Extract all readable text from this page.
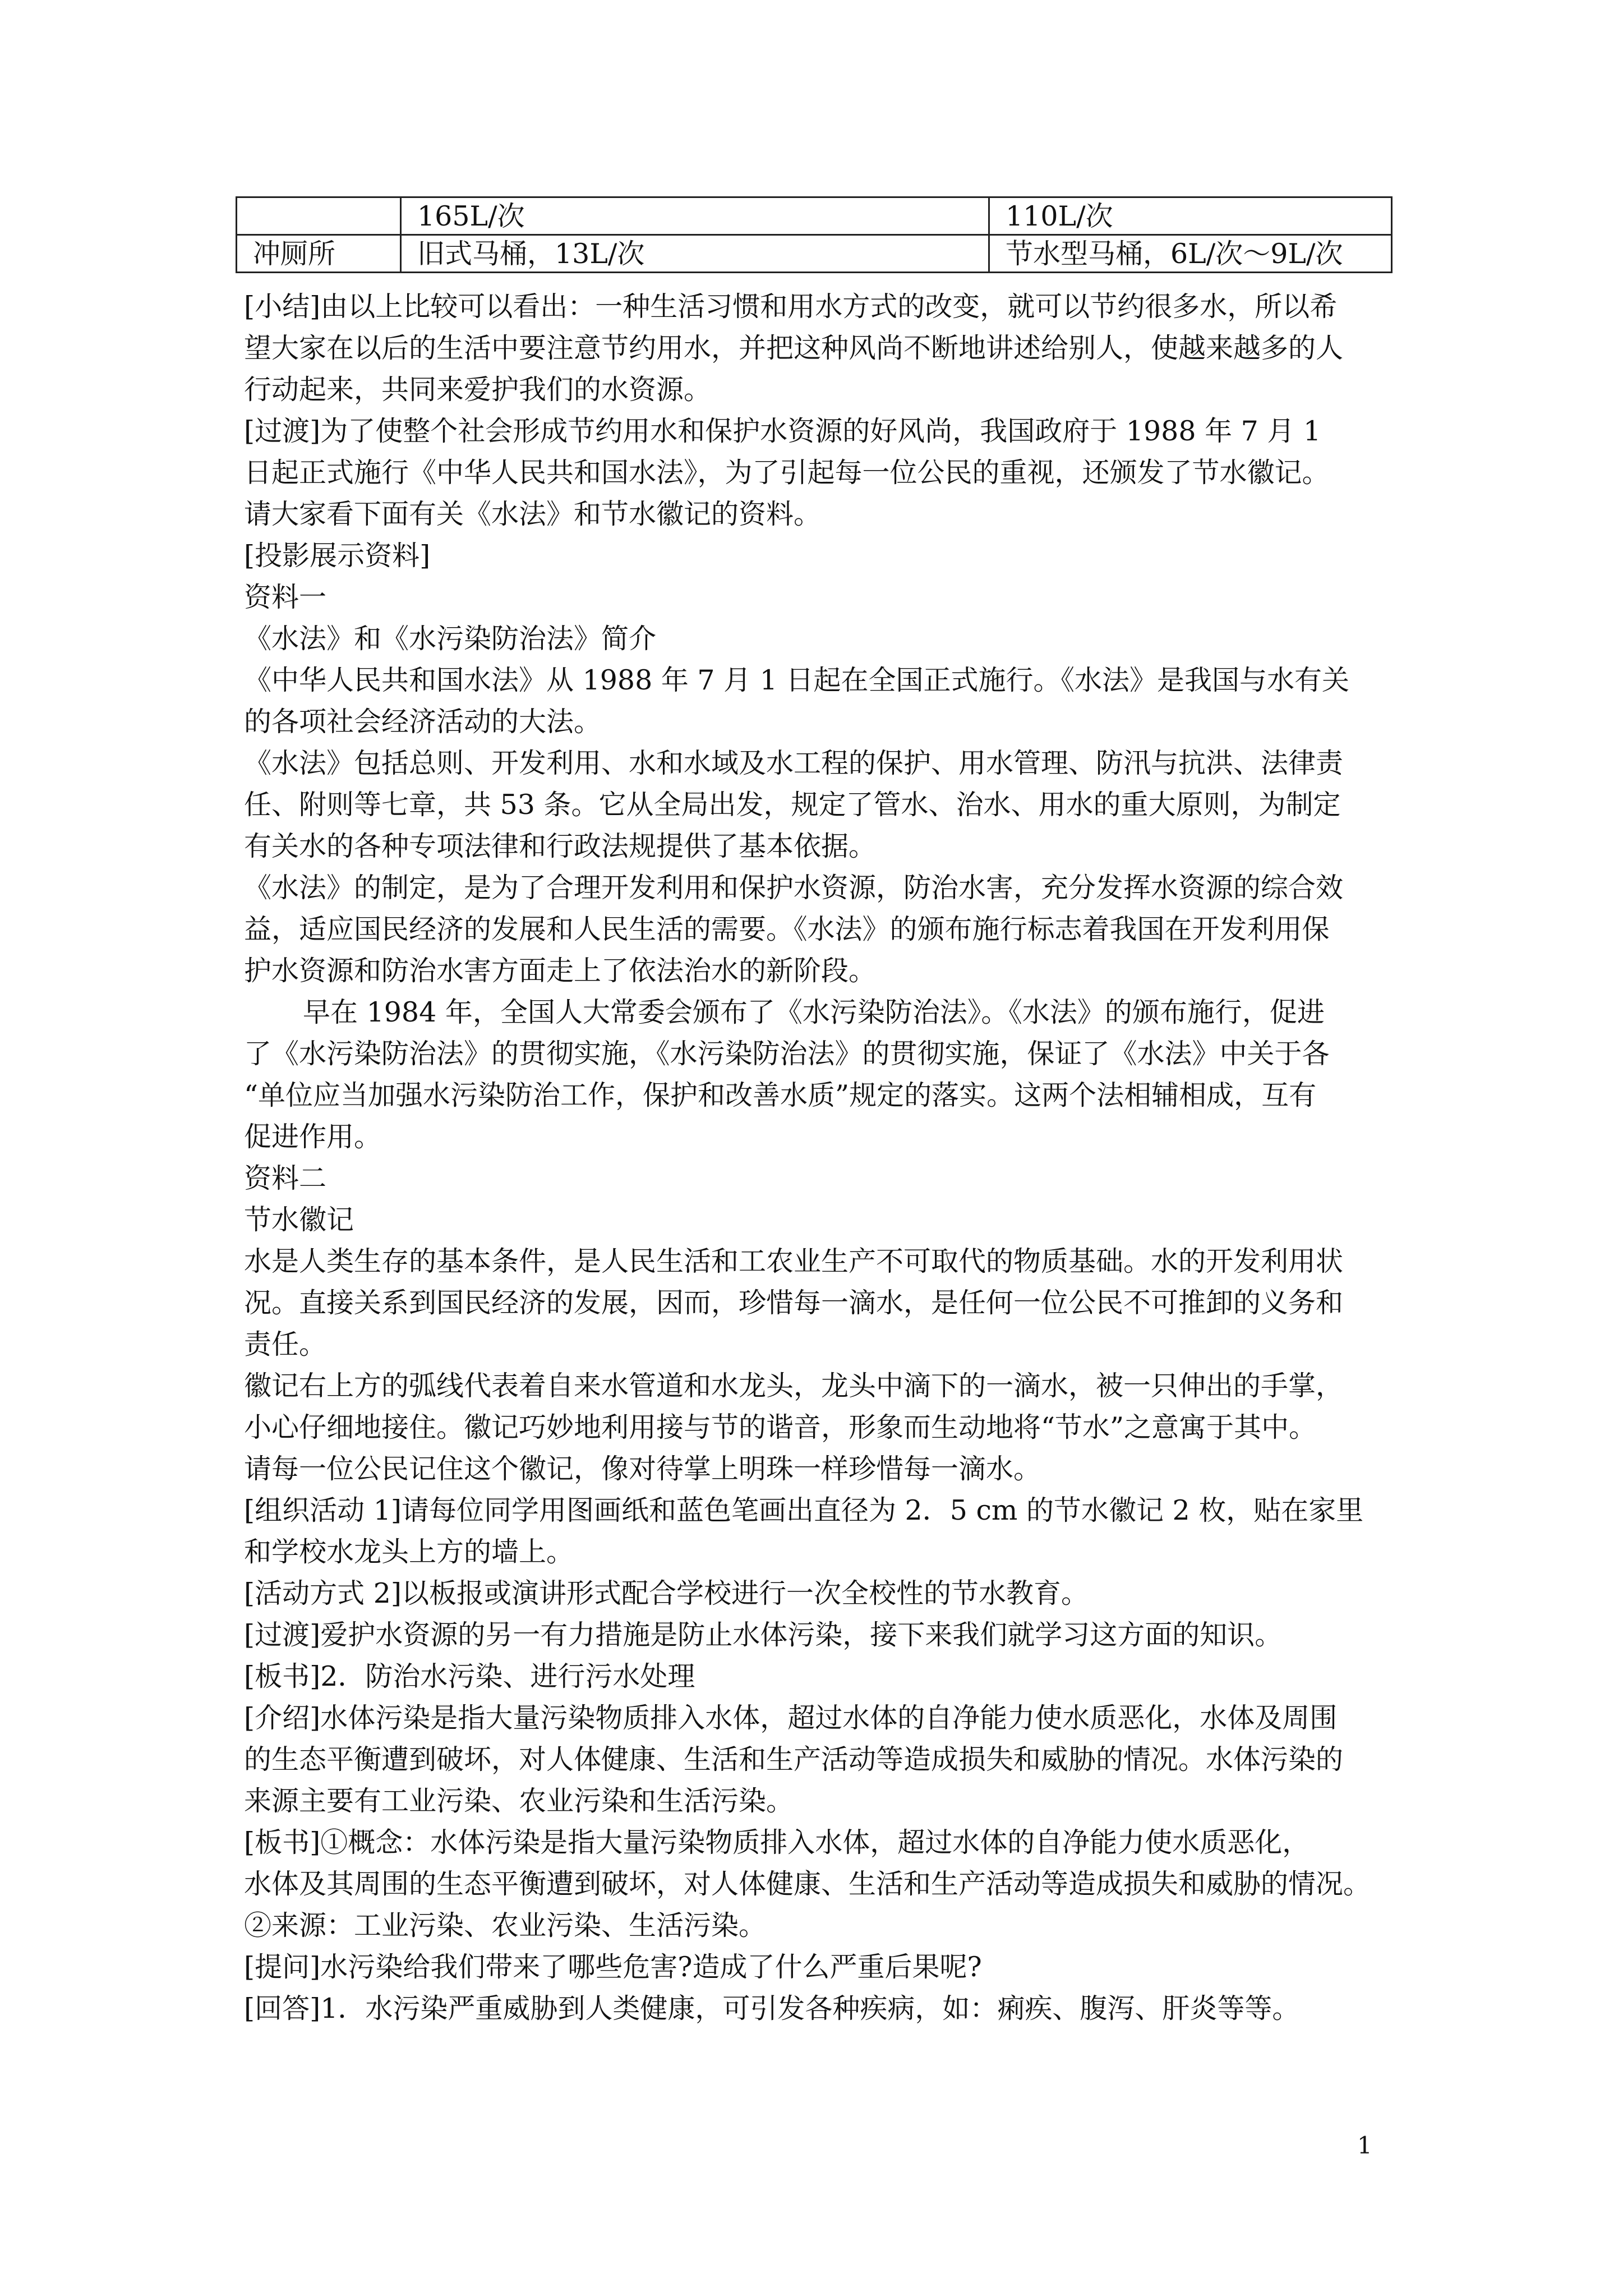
	165L/次	110L/次
冲厕所	旧式马桶，13L/次	节水型马桶，6L/次～9L/次
[小结]由以上比较可以看出：一种生活习惯和用水方式的改变，就可以节约很多水，所以希
望大家在以后的生活中要注意节约用水，并把这种风尚不断地讲述给别人，使越来越多的人
行动起来，共同来爱护我们的水资源。
[过渡]为了使整个社会形成节约用水和保护水资源的好风尚，我国政府于 1988 年 7 月 1
日起正式施行《中华人民共和国水法》，为了引起每一位公民的重视，还颁发了节水徽记。
请大家看下面有关《水法》和节水徽记的资料。
[投影展示资料]
资料一
《水法》和《水污染防治法》简介
《中华人民共和国水法》从 1988 年 7 月 1 日起在全国正式施行。《水法》是我国与水有关
的各项社会经济活动的大法。
《水法》包括总则、开发利用、水和水域及水工程的保护、用水管理、防汛与抗洪、法律责
任、附则等七章，共 53 条。它从全局出发，规定了管水、治水、用水的重大原则，为制定
有关水的各种专项法律和行政法规提供了基本依据。
《水法》的制定，是为了合理开发利用和保护水资源，防治水害，充分发挥水资源的综合效
益，适应国民经济的发展和人民生活的需要。《水法》的颁布施行标志着我国在开发利用保
护水资源和防治水害方面走上了依法治水的新阶段。
早在 1984 年，全国人大常委会颁布了《水污染防治法》。《水法》的颁布施行，促进
了《水污染防治法》的贯彻实施，《水污染防治法》的贯彻实施，保证了《水法》中关于各
“单位应当加强水污染防治工作，保护和改善水质”规定的落实。这两个法相辅相成，互有
促进作用。
资料二
节水徽记
水是人类生存的基本条件，是人民生活和工农业生产不可取代的物质基础。水的开发利用状
况。直接关系到国民经济的发展，因而，珍惜每一滴水，是任何一位公民不可推卸的义务和
责任。
徽记右上方的弧线代表着自来水管道和水龙头，龙头中滴下的一滴水，被一只伸出的手掌，
小心仔细地接住。徽记巧妙地利用接与节的谐音，形象而生动地将“节水”之意寓于其中。
请每一位公民记住这个徽记，像对待掌上明珠一样珍惜每一滴水。
[组织活动 1]请每位同学用图画纸和蓝色笔画出直径为 2．5 cm 的节水徽记 2 枚，贴在家里
和学校水龙头上方的墙上。
[活动方式 2]以板报或演讲形式配合学校进行一次全校性的节水教育。
[过渡]爱护水资源的另一有力措施是防止水体污染，接下来我们就学习这方面的知识。
[板书]2．防治水污染、进行污水处理
[介绍]水体污染是指大量污染物质排入水体，超过水体的自净能力使水质恶化，水体及周围
的生态平衡遭到破坏，对人体健康、生活和生产活动等造成损失和威胁的情况。水体污染的
来源主要有工业污染、农业污染和生活污染。
[板书]①概念：水体污染是指大量污染物质排入水体，超过水体的自净能力使水质恶化，
水体及其周围的生态平衡遭到破坏，对人体健康、生活和生产活动等造成损失和威胁的情况。
②来源：工业污染、农业污染、生活污染。
[提问]水污染给我们带来了哪些危害?造成了什么严重后果呢?
[回答]1．水污染严重威胁到人类健康，可引发各种疾病，如：痢疾、腹泻、肝炎等等。
1
